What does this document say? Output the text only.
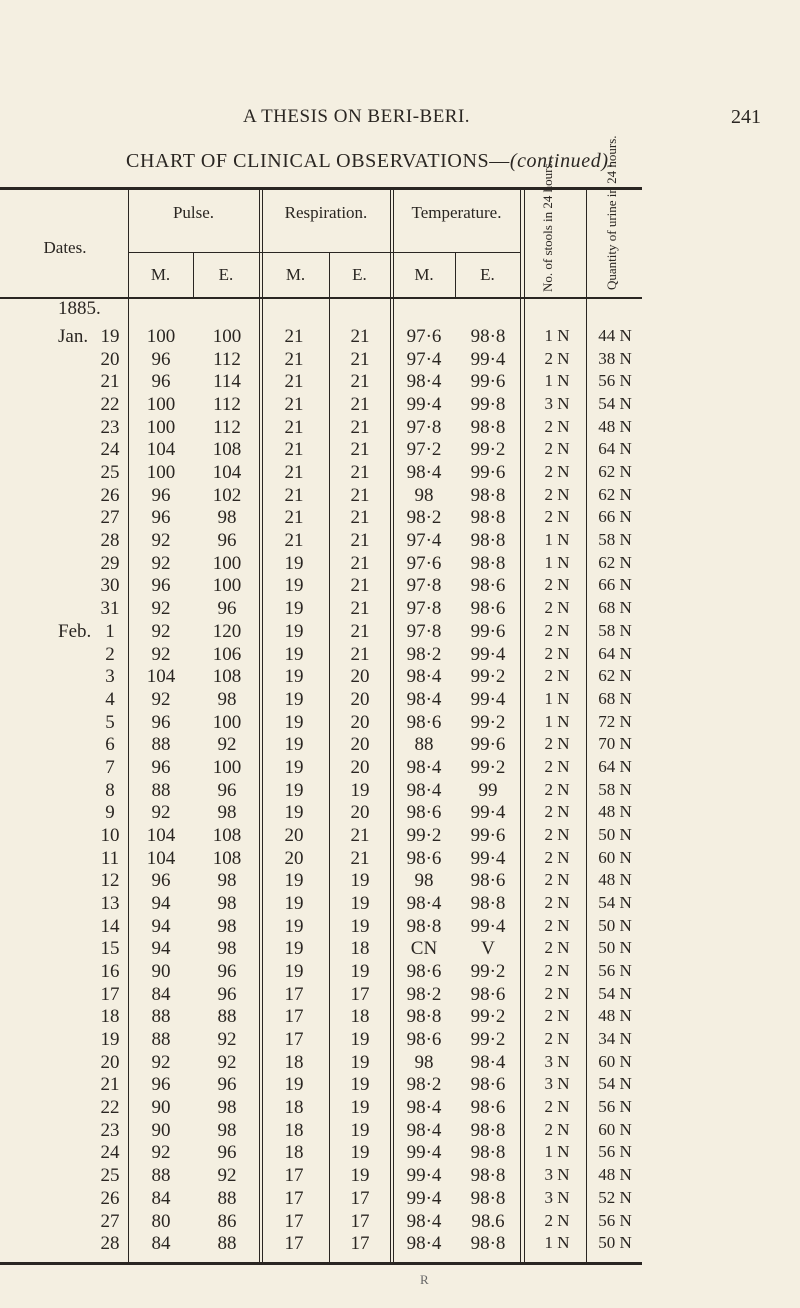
A THESIS ON BERI-BERI.	241
CHART OF CLINICAL OBSERVATIONS—(continued).
Dates.
Pulse.	Respiration.	Temperature.
M.	E.	M.	E.	M.	E.	No. of stools in 24 hours.	Quantity of urine in 24 hours.
1885.
Jan. 19	100	100	21	21	97·6	98·8	1 N	44 N
20	96	112	21	21	97·4	99·4	2 N	38 N
21	96	114	21	21	98·4	99·6	1 N	56 N
22	100	112	21	21	99·4	99·8	3 N	54 N
23	100	112	21	21	97·8	98·8	2 N	48 N
24	104	108	21	21	97·2	99·2	2 N	64 N
25	100	104	21	21	98·4	99·6	2 N	62 N
26	96	102	21	21	98	98·8	2 N	62 N
27	96	98	21	21	98·2	98·8	2 N	66 N
28	92	96	21	21	97·4	98·8	1 N	58 N
29	92	100	19	21	97·6	98·8	1 N	62 N
30	96	100	19	21	97·8	98·6	2 N	66 N
31	92	96	19	21	97·8	98·6	2 N	68 N
Feb. 1	92	120	19	21	97·8	99·6	2 N	58 N
2	92	106	19	21	98·2	99·4	2 N	64 N
3	104	108	19	20	98·4	99·2	2 N	62 N
4	92	98	19	20	98·4	99·4	1 N	68 N
5	96	100	19	20	98·6	99·2	1 N	72 N
6	88	92	19	20	88	99·6	2 N	70 N
7	96	100	19	20	98·4	99·2	2 N	64 N
8	88	96	19	19	98·4	99	2 N	58 N
9	92	98	19	20	98·6	99·4	2 N	48 N
10	104	108	20	21	99·2	99·6	2 N	50 N
11	104	108	20	21	98·6	99·4	2 N	60 N
12	96	98	19	19	98	98·6	2 N	48 N
13	94	98	19	19	98·4	98·8	2 N	54 N
14	94	98	19	19	98·8	99·4	2 N	50 N
15	94	98	19	18	CN	V	2 N	50 N
16	90	96	19	19	98·6	99·2	2 N	56 N
17	84	96	17	17	98·2	98·6	2 N	54 N
18	88	88	17	18	98·8	99·2	2 N	48 N
19	88	92	17	19	98·6	99·2	2 N	34 N
20	92	92	18	19	98	98·4	3 N	60 N
21	96	96	19	19	98·2	98·6	3 N	54 N
22	90	98	18	19	98·4	98·6	2 N	56 N
23	90	98	18	19	98·4	98·8	2 N	60 N
24	92	96	18	19	99·4	98·8	1 N	56 N
25	88	92	17	19	99·4	98·8	3 N	48 N
26	84	88	17	17	99·4	98·8	3 N	52 N
27	80	86	17	17	98·4	98.6	2 N	56 N
28	84	88	17	17	98·4	98·8	1 N	50 N
R
